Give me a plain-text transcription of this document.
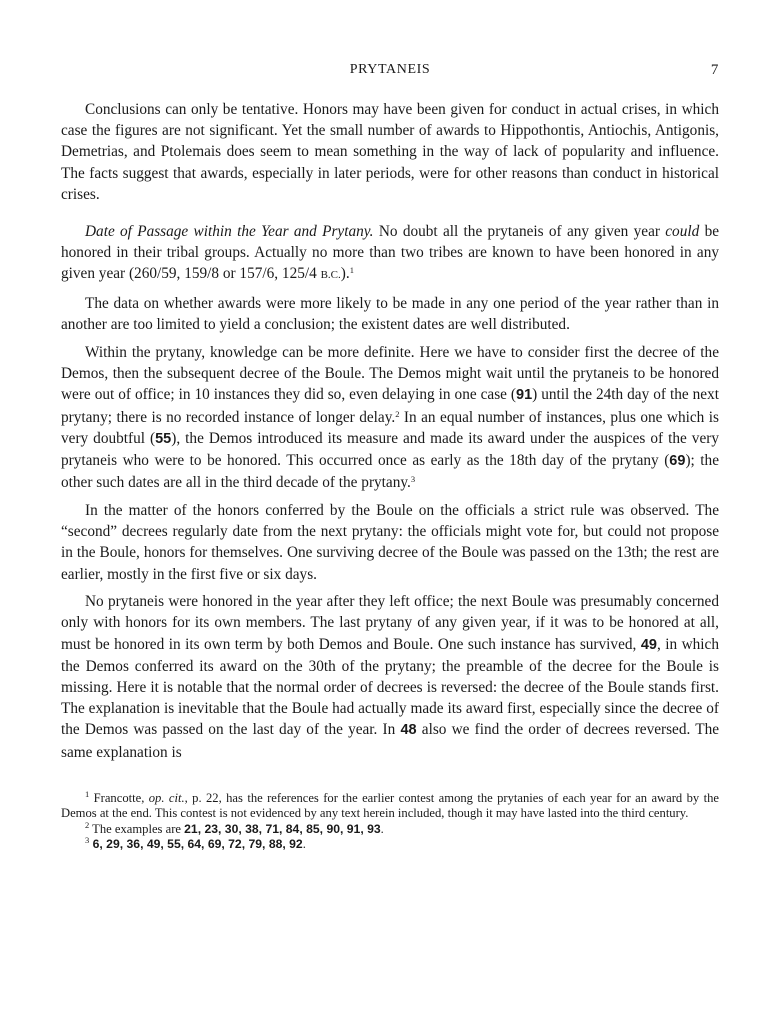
PRYTANEIS	7

Conclusions can only be tentative. Honors may have been given for conduct in actual crises, in which case the figures are not significant. Yet the small number of awards to Hippothontis, Antiochis, Antigonis, Demetrias, and Ptolemais does seem to mean something in the way of lack of popularity and influence. The facts suggest that awards, especially in later periods, were for other reasons than conduct in historical crises.

Date of Passage within the Year and Prytany. No doubt all the prytaneis of any given year could be honored in their tribal groups. Actually no more than two tribes are known to have been honored in any given year (260/59, 159/8 or 157/6, 125/4 B.C.).$^1$

The data on whether awards were more likely to be made in any one period of the year rather than in another are too limited to yield a conclusion; the existent dates are well distributed.

Within the prytany, knowledge can be more definite. Here we have to consider first the decree of the Demos, then the subsequent decree of the Boule. The Demos might wait until the prytaneis to be honored were out of office; in 10 instances they did so, even delaying in one case (91) until the 24th day of the next prytany; there is no recorded instance of longer delay.$^2$ In an equal number of instances, plus one which is very doubtful (55), the Demos introduced its measure and made its award under the auspices of the very prytaneis who were to be honored. This occurred once as early as the 18th day of the prytany (69); the other such dates are all in the third decade of the prytany.$^3$

In the matter of the honors conferred by the Boule on the officials a strict rule was observed. The “second” decrees regularly date from the next prytany: the officials might vote for, but could not propose in the Boule, honors for themselves. One surviving decree of the Boule was passed on the 13th; the rest are earlier, mostly in the first five or six days.

No prytaneis were honored in the year after they left office; the next Boule was presumably concerned only with honors for its own members. The last prytany of any given year, if it was to be honored at all, must be honored in its own term by both Demos and Boule. One such instance has survived, 49, in which the Demos conferred its award on the 30th of the prytany; the preamble of the decree for the Boule is missing. Here it is notable that the normal order of decrees is reversed: the decree of the Boule stands first. The explanation is inevitable that the Boule had actually made its award first, especially since the decree of the Demos was passed on the last day of the year. In 48 also we find the order of decrees reversed. The same explanation is

$^1$ Francotte, op. cit., p. 22, has the references for the earlier contest among the prytanies of each year for an award by the Demos at the end. This contest is not evidenced by any text herein included, though it may have lasted into the third century.

$^2$ The examples are 21, 23, 30, 38, 71, 84, 85, 90, 91, 93.

$^3$ 6, 29, 36, 49, 55, 64, 69, 72, 79, 88, 92.
